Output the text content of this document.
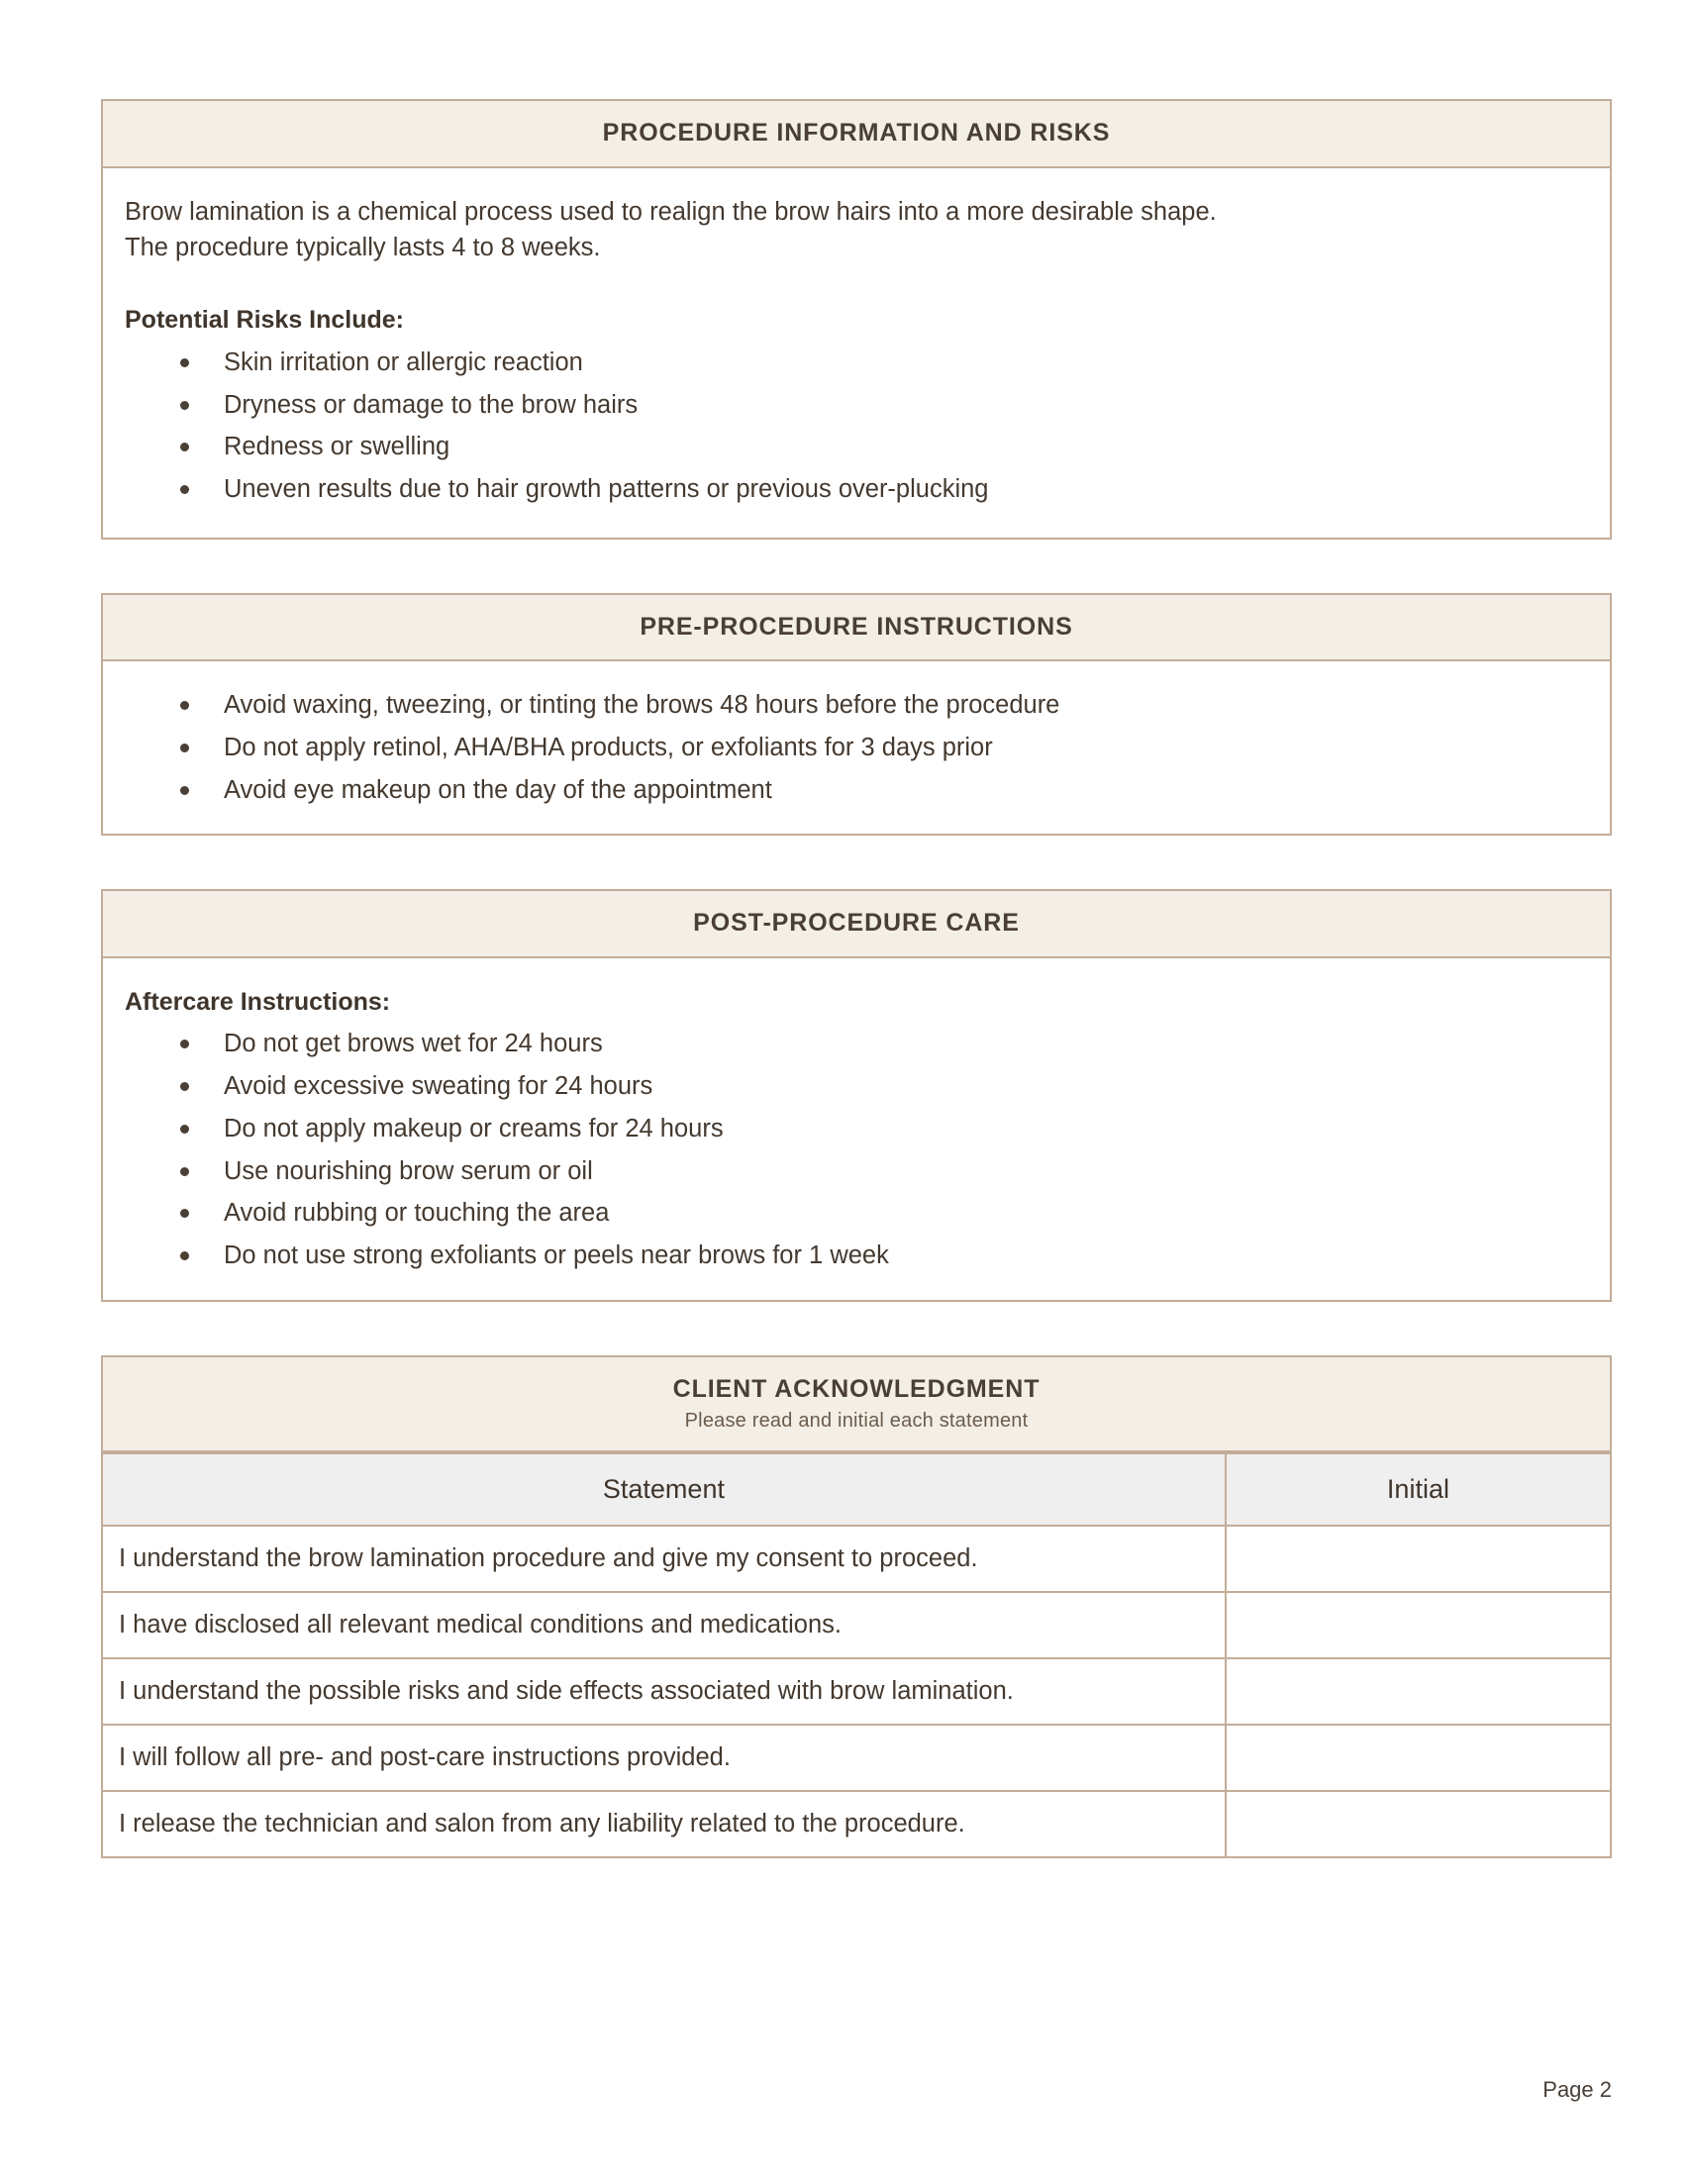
PROCEDURE INFORMATION AND RISKS

Brow lamination is a chemical process used to realign the brow hairs into a more desirable shape.

The procedure typically lasts 4 to 8 weeks.

Potential Risks Include:

Skin irritation or allergic reaction
Dryness or damage to the brow hairs
Redness or swelling
Uneven results due to hair growth patterns or previous over-plucking
PRE-PROCEDURE INSTRUCTIONS
Avoid waxing, tweezing, or tinting the brows 48 hours before the procedure
Do not apply retinol, AHA/BHA products, or exfoliants for 3 days prior
Avoid eye makeup on the day of the appointment
POST-PROCEDURE CARE

Aftercare Instructions:

Do not get brows wet for 24 hours
Avoid excessive sweating for 24 hours
Do not apply makeup or creams for 24 hours
Use nourishing brow serum or oil
Avoid rubbing or touching the area
Do not use strong exfoliants or peels near brows for 1 week
CLIENT ACKNOWLEDGMENT
Please read and initial each statement
Statement	Initial
I understand the brow lamination procedure and give my consent to proceed.	
I have disclosed all relevant medical conditions and medications.	
I understand the possible risks and side effects associated with brow lamination.	
I will follow all pre- and post-care instructions provided.	
I release the technician and salon from any liability related to the procedure.	
Page 2
